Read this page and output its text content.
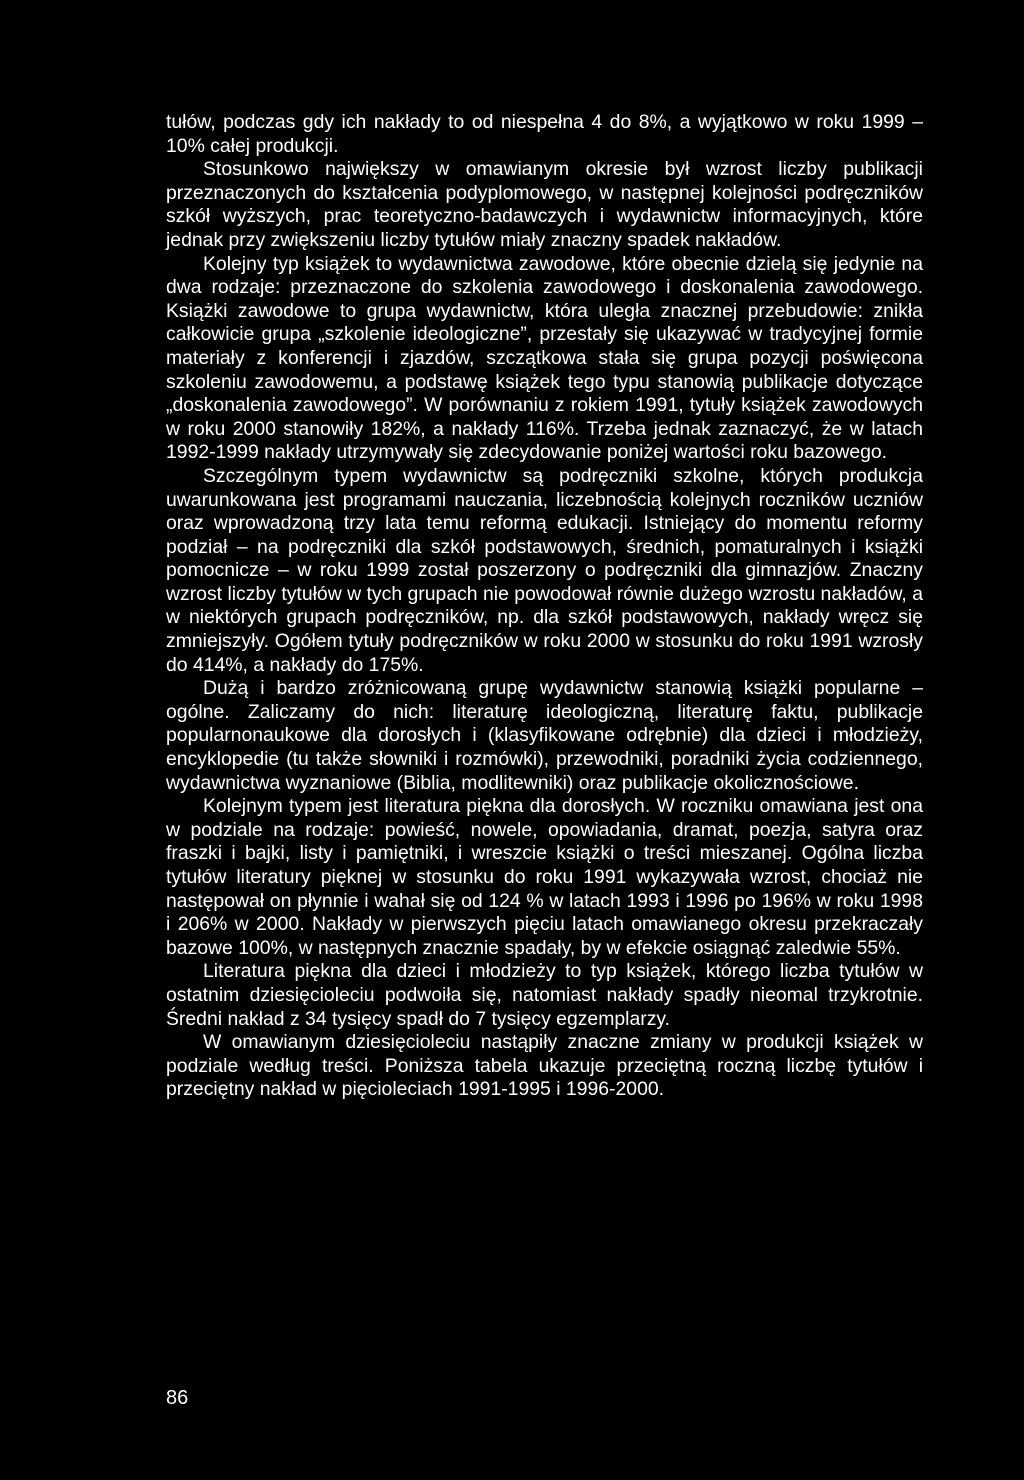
tułów, podczas gdy ich nakłady to od niespełna 4 do 8%, a wyjątkowo w roku 1999 – 10% całej produkcji.

Stosunkowo największy w omawianym okresie był wzrost liczby publikacji przeznaczonych do kształcenia podyplomowego, w następnej kolejności podręczników szkół wyższych, prac teoretyczno-badawczych i wydawnictw informacyjnych, które jednak przy zwiększeniu liczby tytułów miały znaczny spadek nakładów.

Kolejny typ książek to wydawnictwa zawodowe, które obecnie dzielą się jedynie na dwa rodzaje: przeznaczone do szkolenia zawodowego i doskonalenia zawodowego. Książki zawodowe to grupa wydawnictw, która uległa znacznej przebudowie: znikła całkowicie grupa „szkolenie ideologiczne”, przestały się ukazywać w tradycyjnej formie materiały z konferencji i zjazdów, szczątkowa stała się grupa pozycji poświęcona szkoleniu zawodowemu, a podstawę książek tego typu stanowią publikacje dotyczące „doskonalenia zawodowego”. W porównaniu z rokiem 1991, tytuły książek zawodowych w roku 2000 stanowiły 182%, a nakłady 116%. Trzeba jednak zaznaczyć, że w latach 1992-1999 nakłady utrzymywały się zdecydowanie poniżej wartości roku bazowego.

Szczególnym typem wydawnictw są podręczniki szkolne, których produkcja uwarunkowana jest programami nauczania, liczebnością kolejnych roczników uczniów oraz wprowadzoną trzy lata temu reformą edukacji. Istniejący do momentu reformy podział – na podręczniki dla szkół podstawowych, średnich, pomaturalnych i książki pomocnicze – w roku 1999 został poszerzony o podręczniki dla gimnazjów. Znaczny wzrost liczby tytułów w tych grupach nie powodował równie dużego wzrostu nakładów, a w niektórych grupach podręczników, np. dla szkół podstawowych, nakłady wręcz się zmniejszyły. Ogółem tytuły podręczników w roku 2000 w stosunku do roku 1991 wzrosły do 414%, a nakłady do 175%.

Dużą i bardzo zróżnicowaną grupę wydawnictw stanowią książki popularne – ogólne. Zaliczamy do nich: literaturę ideologiczną, literaturę faktu, publikacje popularnonaukowe dla dorosłych i (klasyfikowane odrębnie) dla dzieci i młodzieży, encyklopedie (tu także słowniki i rozmówki), przewodniki, poradniki życia codziennego, wydawnictwa wyznaniowe (Biblia, modlitewniki) oraz publikacje okolicznościowe.

Kolejnym typem jest literatura piękna dla dorosłych. W roczniku omawiana jest ona w podziale na rodzaje: powieść, nowele, opowiadania, dramat, poezja, satyra oraz fraszki i bajki, listy i pamiętniki, i wreszcie książki o treści mieszanej. Ogólna liczba tytułów literatury pięknej w stosunku do roku 1991 wykazywała wzrost, chociaż nie następował on płynnie i wahał się od 124 % w latach 1993 i 1996 po 196% w roku 1998 i 206% w 2000. Nakłady w pierwszych pięciu latach omawianego okresu przekraczały bazowe 100%, w następnych znacznie spadały, by w efekcie osiągnąć zaledwie 55%.

Literatura piękna dla dzieci i młodzieży to typ książek, którego liczba tytułów w ostatnim dziesięcioleciu podwoiła się, natomiast nakłady spadły nieomal trzykrotnie. Średni nakład z 34 tysięcy spadł do 7 tysięcy egzemplarzy.

W omawianym dziesięcioleciu nastąpiły znaczne zmiany w produkcji książek w podziale według treści. Poniższa tabela ukazuje przeciętną roczną liczbę tytułów i przeciętny nakład w pięcioleciach 1991-1995 i 1996-2000.

86
